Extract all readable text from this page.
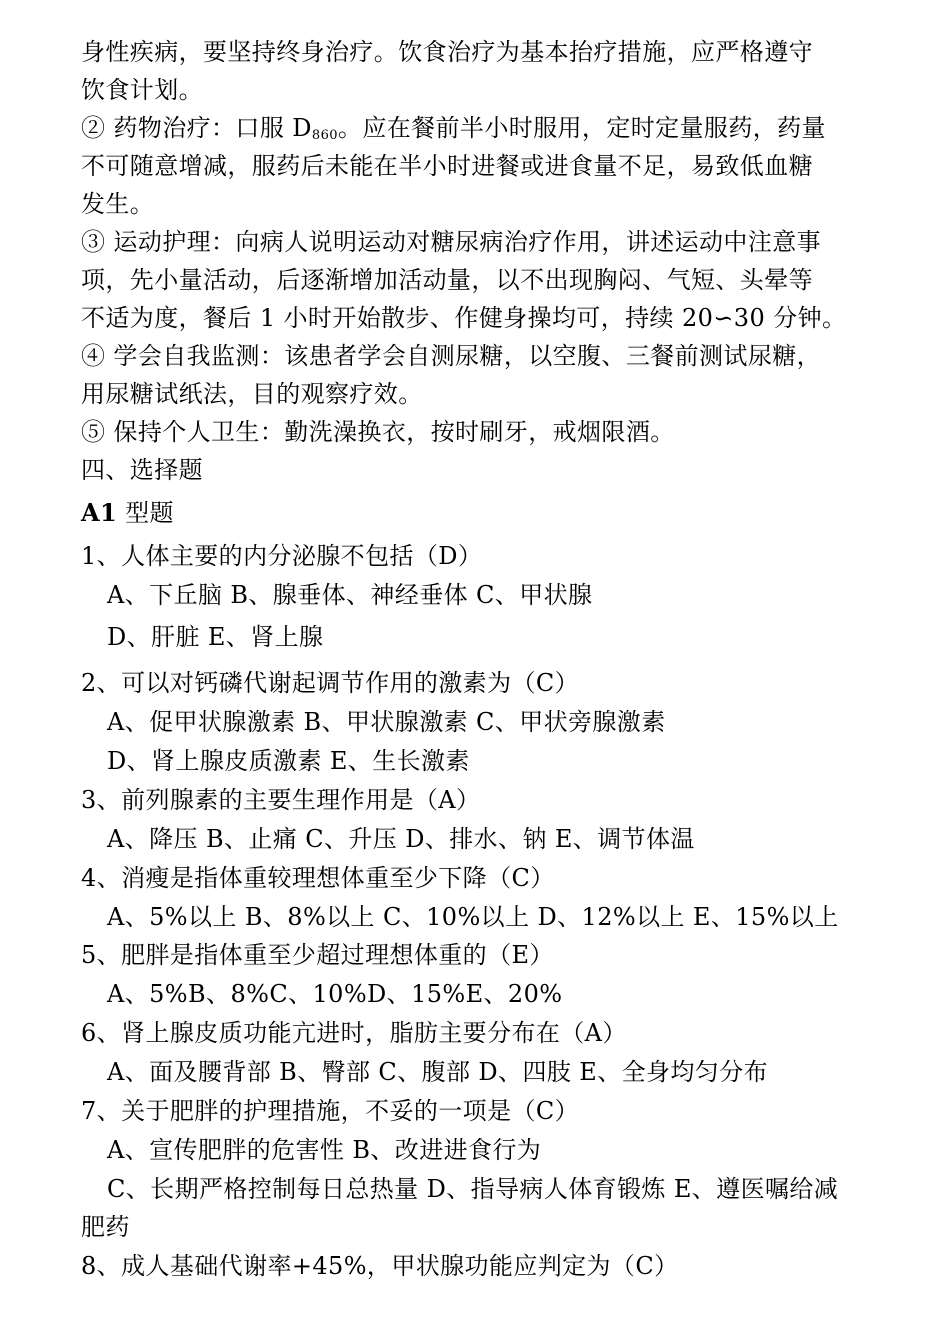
身性疾病，要坚持终身治疗。饮食治疗为基本抬疗措施，应严格遵守
饮食计划。
② 药物治疗：口服 $D_{860}$。应在餐前半小时服用，定时定量服药，药量
不可随意增减，服药后未能在半小时进餐或进食量不足，易致低血糖
发生。
③ 运动护理：向病人说明运动对糖尿病治疗作用，讲述运动中注意事
项，先小量活动，后逐渐增加活动量，以不出现胸闷、气短、头晕等
不适为度，餐后 1 小时开始散步、作健身操均可，持续 20∽30 分钟。
④ 学会自我监测：该患者学会自测尿糖，以空腹、三餐前测试尿糖，
用尿糖试纸法，目的观察疗效。
⑤ 保持个人卫生：勤洗澡换衣，按时刷牙，戒烟限酒。
四、选择题
A1 型题
1、人体主要的内分泌腺不包括（D）
A、下丘脑 B、腺垂体、神经垂体 C、甲状腺
D、肝脏 E、肾上腺
2、可以对钙磷代谢起调节作用的激素为（C）
A、促甲状腺激素 B、甲状腺激素 C、甲状旁腺激素
D、肾上腺皮质激素 E、生长激素
3、前列腺素的主要生理作用是（A）
A、降压 B、止痛 C、升压 D、排水、钠 E、调节体温
4、消瘦是指体重较理想体重至少下降（C）
A、5%以上 B、8%以上 C、10%以上 D、12%以上 E、15%以上
5、肥胖是指体重至少超过理想体重的（E）
A、5%B、8%C、10%D、15%E、20%
6、肾上腺皮质功能亢进时，脂肪主要分布在（A）
A、面及腰背部 B、臀部 C、腹部 D、四肢 E、全身均匀分布
7、关于肥胖的护理措施，不妥的一项是（C）
A、宣传肥胖的危害性 B、改进进食行为
C、长期严格控制每日总热量 D、指导病人体育锻炼 E、遵医嘱给减
肥药
8、成人基础代谢率+45%，甲状腺功能应判定为（C）
